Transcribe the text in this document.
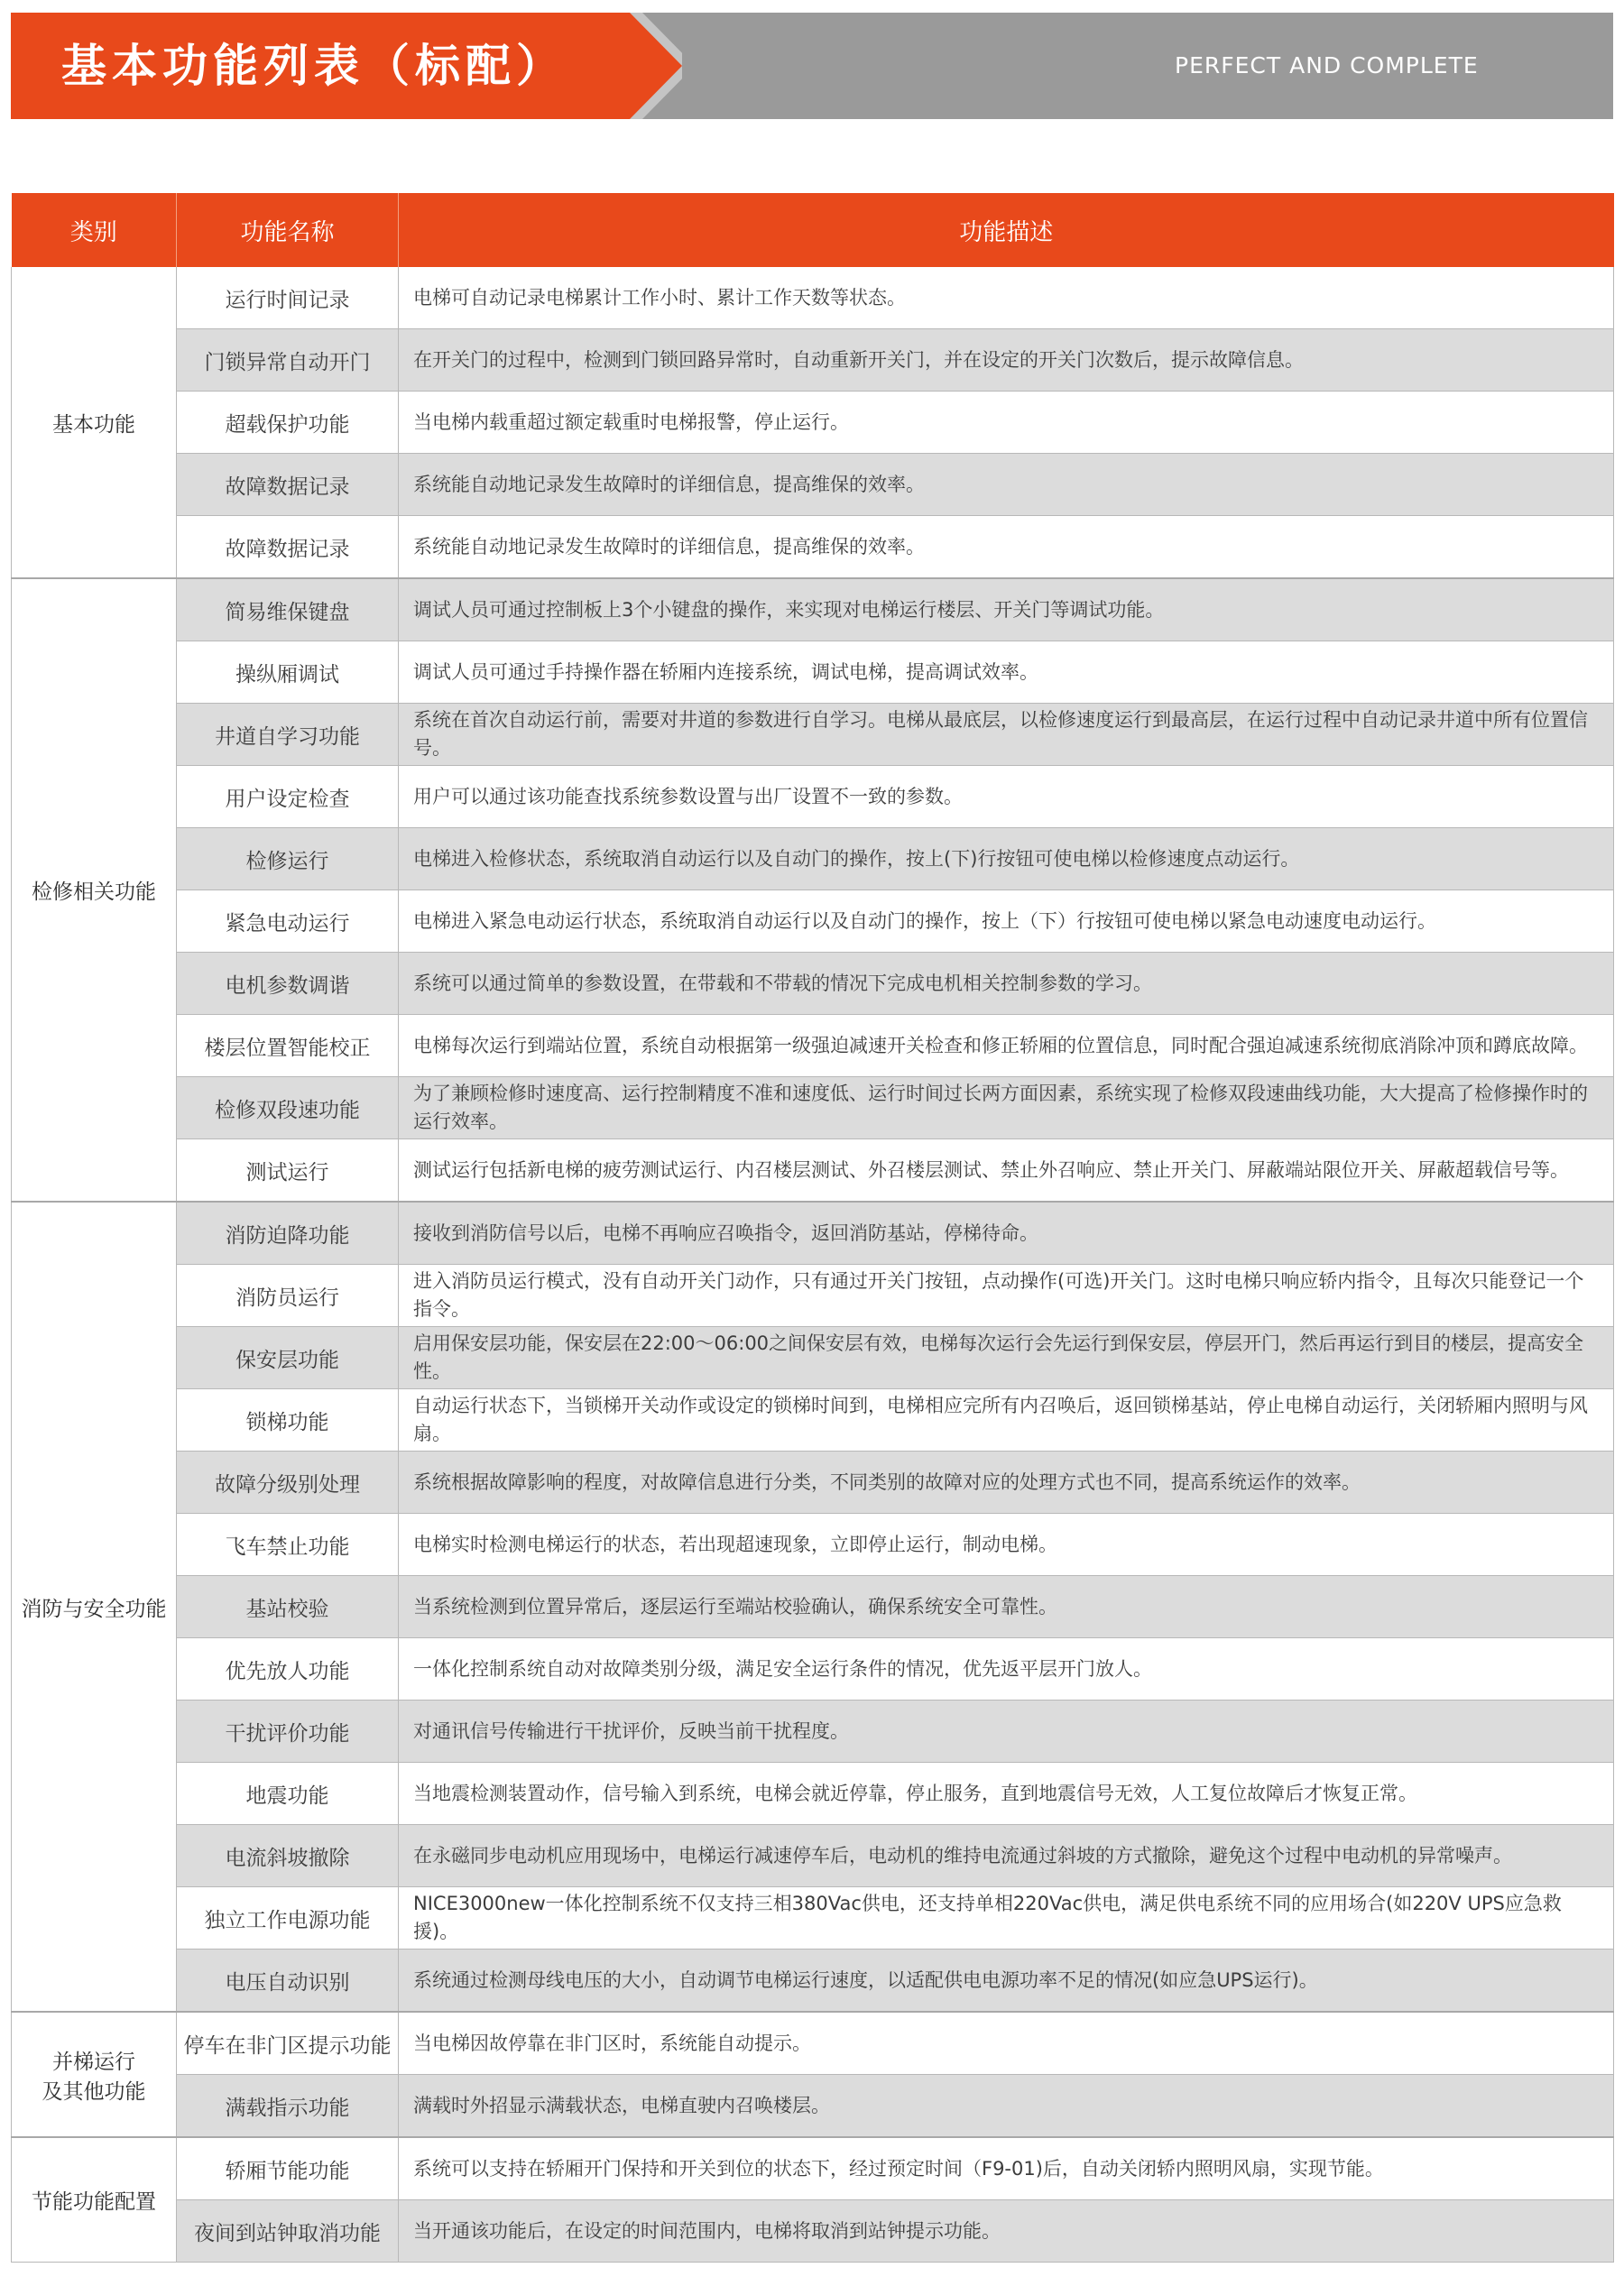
基本功能列表（标配）	PERFECT AND COMPLETE
类别	功能名称	功能描述
基本功能	运行时间记录	电梯可自动记录电梯累计工作小时、累计工作天数等状态。
	门锁异常自动开门	在开关门的过程中，检测到门锁回路异常时，自动重新开关门，并在设定的开关门次数后，提示故障信息。
	超载保护功能	当电梯内载重超过额定载重时电梯报警，停止运行。
	故障数据记录	系统能自动地记录发生故障时的详细信息，提高维保的效率。
	故障数据记录	系统能自动地记录发生故障时的详细信息，提高维保的效率。
检修相关功能	简易维保键盘	调试人员可通过控制板上3个小键盘的操作，来实现对电梯运行楼层、开关门等调试功能。
	操纵厢调试	调试人员可通过手持操作器在轿厢内连接系统，调试电梯，提高调试效率。
	井道自学习功能	系统在首次自动运行前，需要对井道的参数进行自学习。电梯从最底层，以检修速度运行到最高层，在运行过程中自动记录井道中所有位置信号。
	用户设定检查	用户可以通过该功能查找系统参数设置与出厂设置不一致的参数。
	检修运行	电梯进入检修状态，系统取消自动运行以及自动门的操作，按上(下)行按钮可使电梯以检修速度点动运行。
	紧急电动运行	电梯进入紧急电动运行状态，系统取消自动运行以及自动门的操作，按上（下）行按钮可使电梯以紧急电动速度电动运行。
	电机参数调谐	系统可以通过简单的参数设置，在带载和不带载的情况下完成电机相关控制参数的学习。
	楼层位置智能校正	电梯每次运行到端站位置，系统自动根据第一级强迫减速开关检查和修正轿厢的位置信息，同时配合强迫减速系统彻底消除冲顶和蹲底故障。
	检修双段速功能	为了兼顾检修时速度高、运行控制精度不准和速度低、运行时间过长两方面因素，系统实现了检修双段速曲线功能，大大提高了检修操作时的运行效率。
	测试运行	测试运行包括新电梯的疲劳测试运行、内召楼层测试、外召楼层测试、禁止外召响应、禁止开关门、屏蔽端站限位开关、屏蔽超载信号等。
消防与安全功能	消防迫降功能	接收到消防信号以后，电梯不再响应召唤指令，返回消防基站，停梯待命。
	消防员运行	进入消防员运行模式，没有自动开关门动作，只有通过开关门按钮，点动操作(可选)开关门。这时电梯只响应轿内指令，且每次只能登记一个指令。
	保安层功能	启用保安层功能，保安层在22:00～06:00之间保安层有效，电梯每次运行会先运行到保安层，停层开门，然后再运行到目的楼层，提高安全性。
	锁梯功能	自动运行状态下，当锁梯开关动作或设定的锁梯时间到，电梯相应完所有内召唤后，返回锁梯基站，停止电梯自动运行，关闭轿厢内照明与风扇。
	故障分级别处理	系统根据故障影响的程度，对故障信息进行分类，不同类别的故障对应的处理方式也不同，提高系统运作的效率。
	飞车禁止功能	电梯实时检测电梯运行的状态，若出现超速现象，立即停止运行，制动电梯。
	基站校验	当系统检测到位置异常后，逐层运行至端站校验确认，确保系统安全可靠性。
	优先放人功能	一体化控制系统自动对故障类别分级，满足安全运行条件的情况，优先返平层开门放人。
	干扰评价功能	对通讯信号传输进行干扰评价，反映当前干扰程度。
	地震功能	当地震检测装置动作，信号输入到系统，电梯会就近停靠，停止服务，直到地震信号无效，人工复位故障后才恢复正常。
	电流斜坡撤除	在永磁同步电动机应用现场中，电梯运行减速停车后，电动机的维持电流通过斜坡的方式撤除，避免这个过程中电动机的异常噪声。
	独立工作电源功能	NICE3000new一体化控制系统不仅支持三相380Vac供电，还支持单相220Vac供电，满足供电系统不同的应用场合(如220V UPS应急救援)。
	电压自动识别	系统通过检测母线电压的大小，自动调节电梯运行速度，以适配供电电源功率不足的情况(如应急UPS运行)。

并梯运行
及其他功能	停车在非门区提示功能	当电梯因故停靠在非门区时，系统能自动提示。
	满载指示功能	满载时外招显示满载状态，电梯直驶内召唤楼层。
节能功能配置	轿厢节能功能	系统可以支持在轿厢开门保持和开关到位的状态下，经过预定时间（F9-01)后，自动关闭轿内照明风扇，实现节能。
	夜间到站钟取消功能	当开通该功能后，在设定的时间范围内，电梯将取消到站钟提示功能。
